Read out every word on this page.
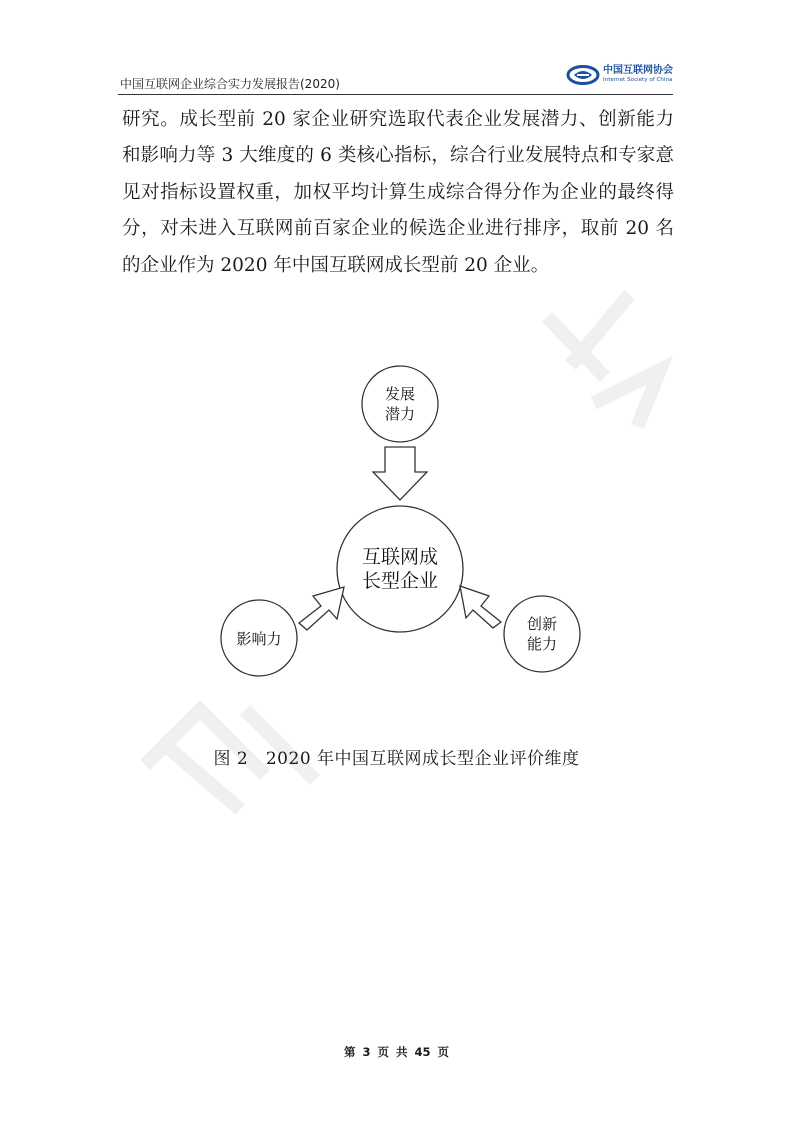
中国互联网企业综合实力发展报告(2020)
中国互联网协会
Internet Society of China

研究。成长型前 20 家企业研究选取代表企业发展潜力、创新能力和影响力等 3 大维度的 6 类核心指标，综合行业发展特点和专家意见对指标设置权重，加权平均计算生成综合得分作为企业的最终得分，对未进入互联网前百家企业的候选企业进行排序，取前 20 名的企业作为 2020 年中国互联网成长型前 20 企业。

互联网成
长型企业
发展
潜力
影响力
创新
能力
图 2   2020 年中国互联网成长型企业评价维度
第 3 页 共 45 页
